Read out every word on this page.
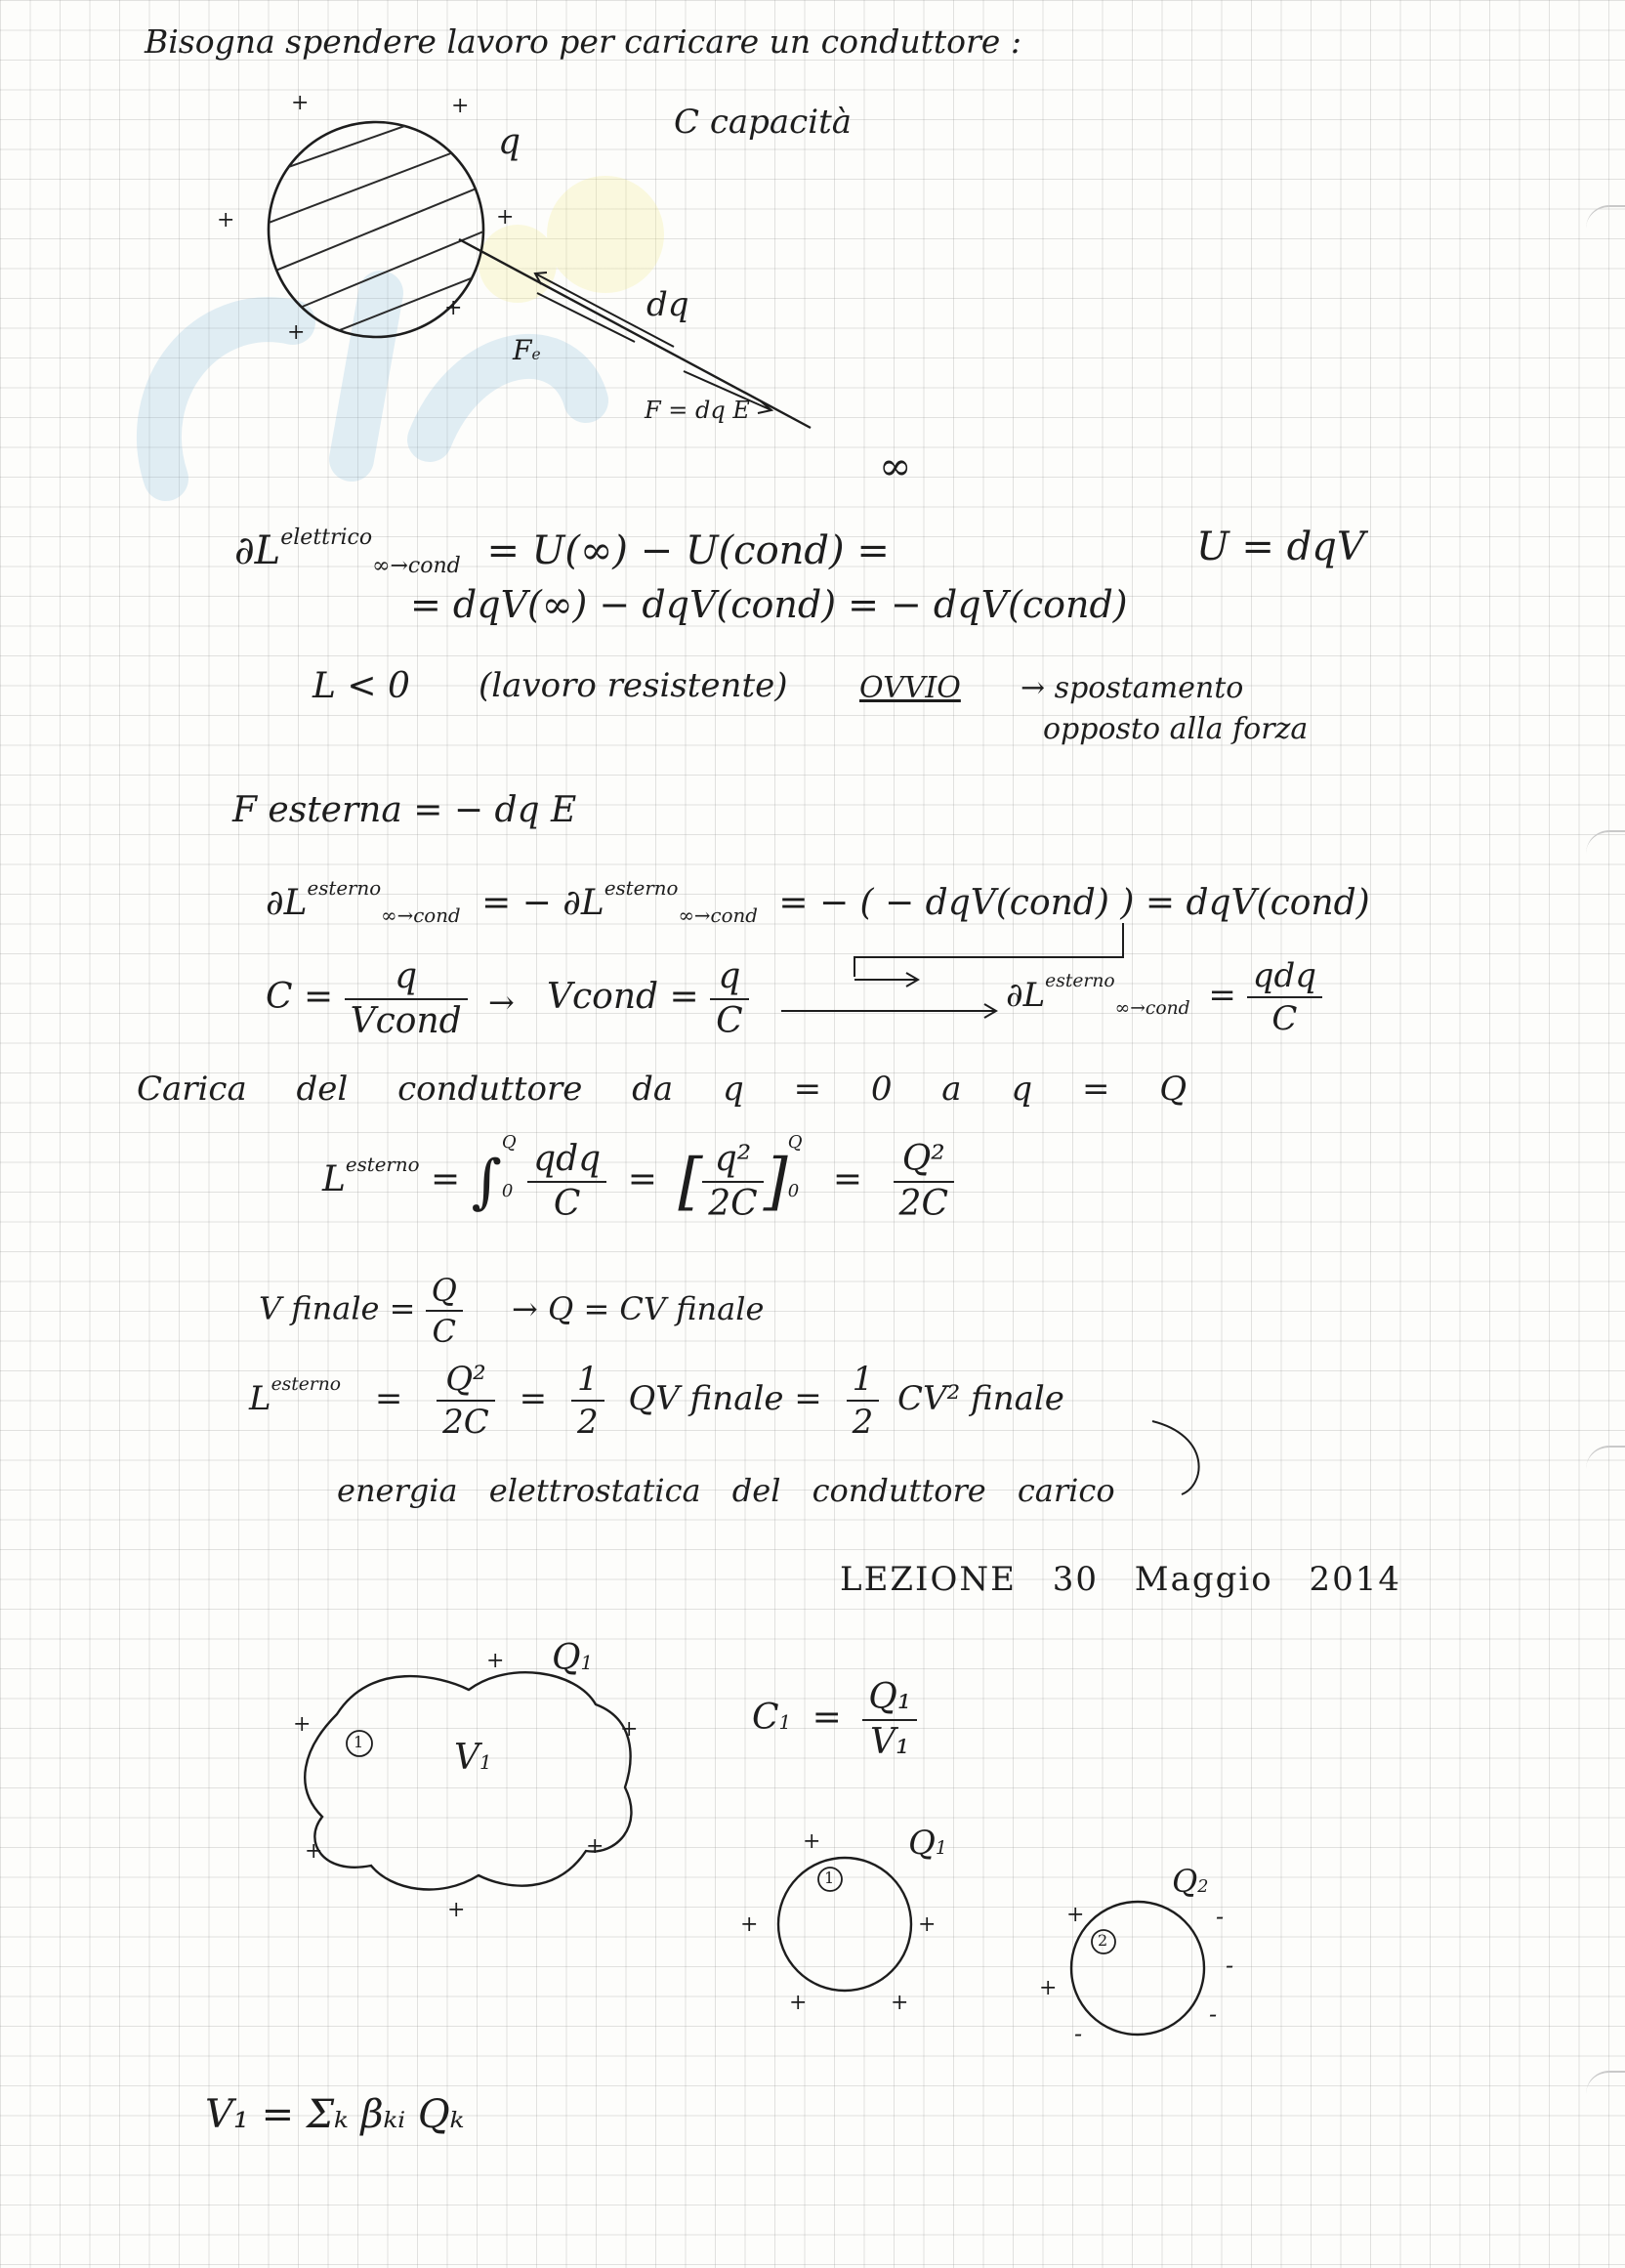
Bisogna spendere lavoro per caricare un conduttore :
C capacità
+	+
+	+
+
+
q
dq
Fe
F = dq E
∞
$\partial L^{elettrico}_{\infty\to cond} = U(\infty)$ − U(cond) =	U = dqV
= dqV(∞) − dqV(cond) = − dqV(cond)
L < 0 (lavoro resistente) OVVIO → spostamento
opposto alla forza
F esterna = − dq E
$\partial L^{esterno}_{\infty\to cond}$ = − $\partial L^{esterno}_{\infty\to cond}$ = − ( − dqV(cond) ) = dqV(cond)
$C = \frac{q}{\text{Vcond}}$ → Vcond = $\frac{q}{C}$	$\partial L^{esterno}_{\infty\to cond} = \frac{\text{qdq}}{C}$
Carica del conduttore da q = 0 a q = Q
$L^{esterno}$ = ∫
Q
0
$\frac{\text{qdq}}{C}$ = [ $\frac{\text{q²}}{2C}$ ]
Q
$0 = \frac{\text{Q²}}{2C}$
V finale = $\frac{Q}{C} \to Q$ = CV finale
$L^{esterno} = \frac{\text{Q²}}{2C} = \frac{1}{2}$ QV finale = $\frac{1}{2} CV^2$ finale
energia elettrostatica del conduttore carico
LEZIONE 30 Maggio 2014
1
1
2
+
+	+
+	+
+
Q1
V1
$C1 = \frac{\text{Q₁}}{\text{V₁}}$
Q1
+
+	+
+	+
Q2
+
+
-
-
-
-
V₁ = Σₖ βₖᵢ Qₖ
